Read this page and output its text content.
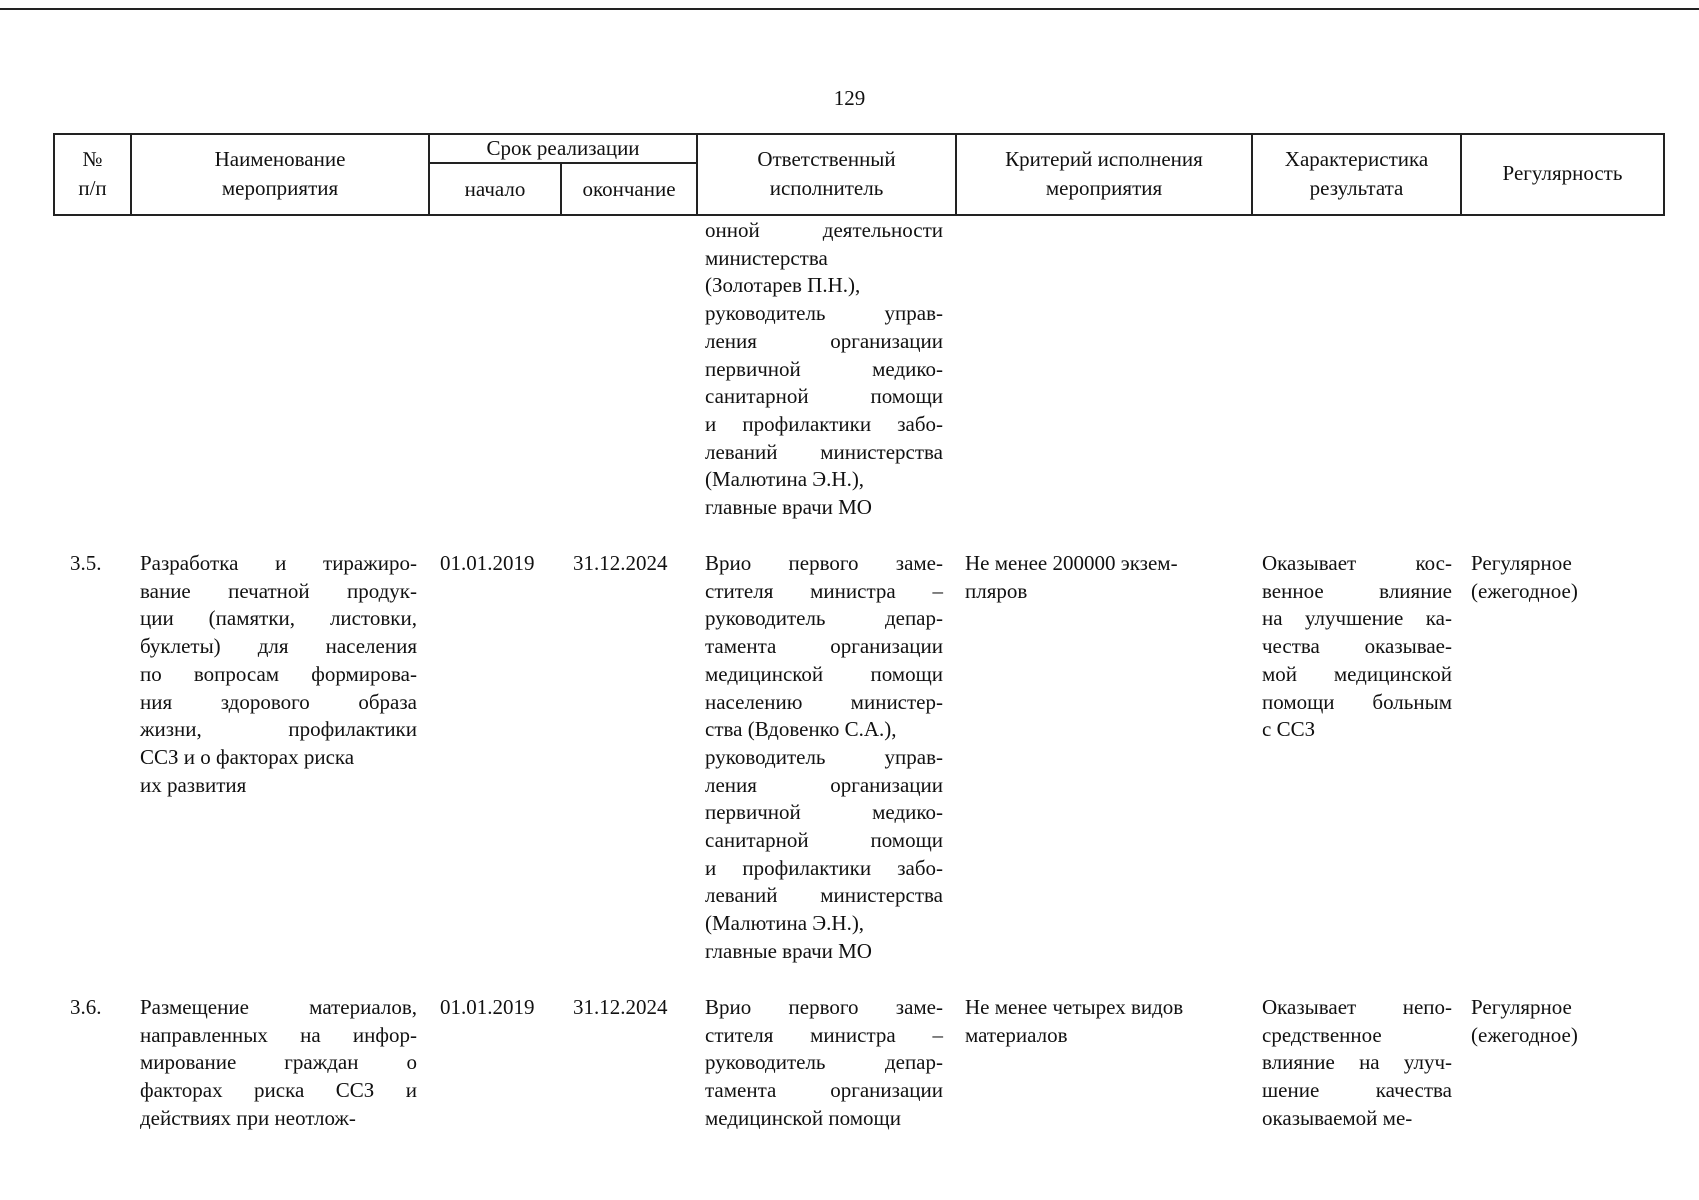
129
№
п/п
Наименование
мероприятия
Срок реализации
начало	окончание
Ответственный
исполнитель
Критерий исполнения
мероприятия
Характеристика
результата
Регулярность
онной деятельности
министерства
(Золотарев П.Н.),
руководитель управ-
ления организации
первичной медико-
санитарной помощи
и профилактики забо-
леваний министерства
(Малютина Э.Н.),
главные врачи МО
3.5. Разработка и тиражиро-
вание печатной продук-
ции (памятки, листовки,
буклеты) для населения
по вопросам формирова-
ния здорового образа
жизни, профилактики
ССЗ и о факторах риска
их развития
01.01.2019 31.12.2024 Врио первого заме-
стителя министра –
руководитель депар-
тамента организации
медицинской помощи
населению министер-
ства (Вдовенко С.А.),
руководитель управ-
ления организации
первичной медико-
санитарной помощи
и профилактики забо-
леваний министерства
(Малютина Э.Н.),
главные врачи МО
Не менее 200000 экзем-
пляров
Оказывает кос-
венное влияние
на улучшение ка-
чества оказывае-
мой медицинской
помощи больным
с ССЗ
Регулярное
(ежегодное)
3.6. Размещение материалов,
направленных на инфор-
мирование граждан о
факторах риска ССЗ и
действиях при неотлож-
01.01.2019 31.12.2024 Врио первого заме-
стителя министра –
руководитель депар-
тамента организации
медицинской помощи
Не менее четырех видов
материалов
Оказывает непо-
средственное
влияние на улуч-
шение качества
оказываемой ме-
Регулярное
(ежегодное)
